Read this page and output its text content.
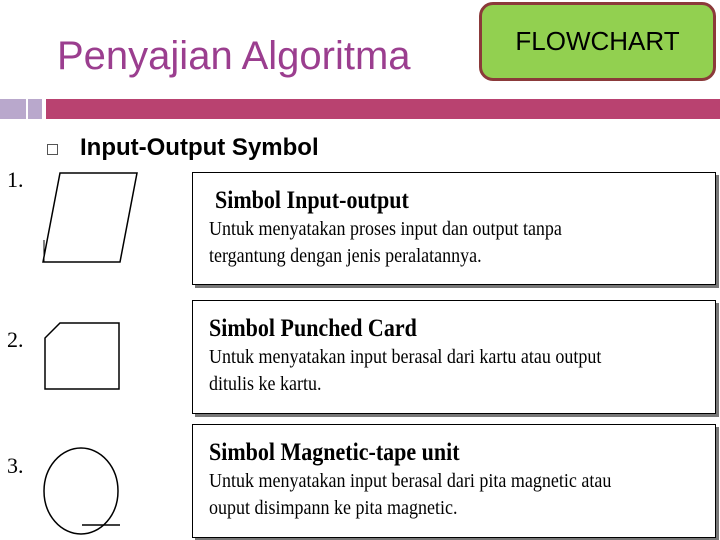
Penyajian Algoritma	FLOWCHART
Input-Output Symbol
1.
Simbol Input-output
Untuk menyatakan proses input dan output tanpa
tergantung dengan jenis peralatannya.
2.	Simbol Punched Card
Untuk menyatakan input berasal dari kartu atau output
ditulis ke kartu.
3.	Simbol Magnetic-tape unit
Untuk menyatakan input berasal dari pita magnetic atau
ouput disimpann ke pita magnetic.
